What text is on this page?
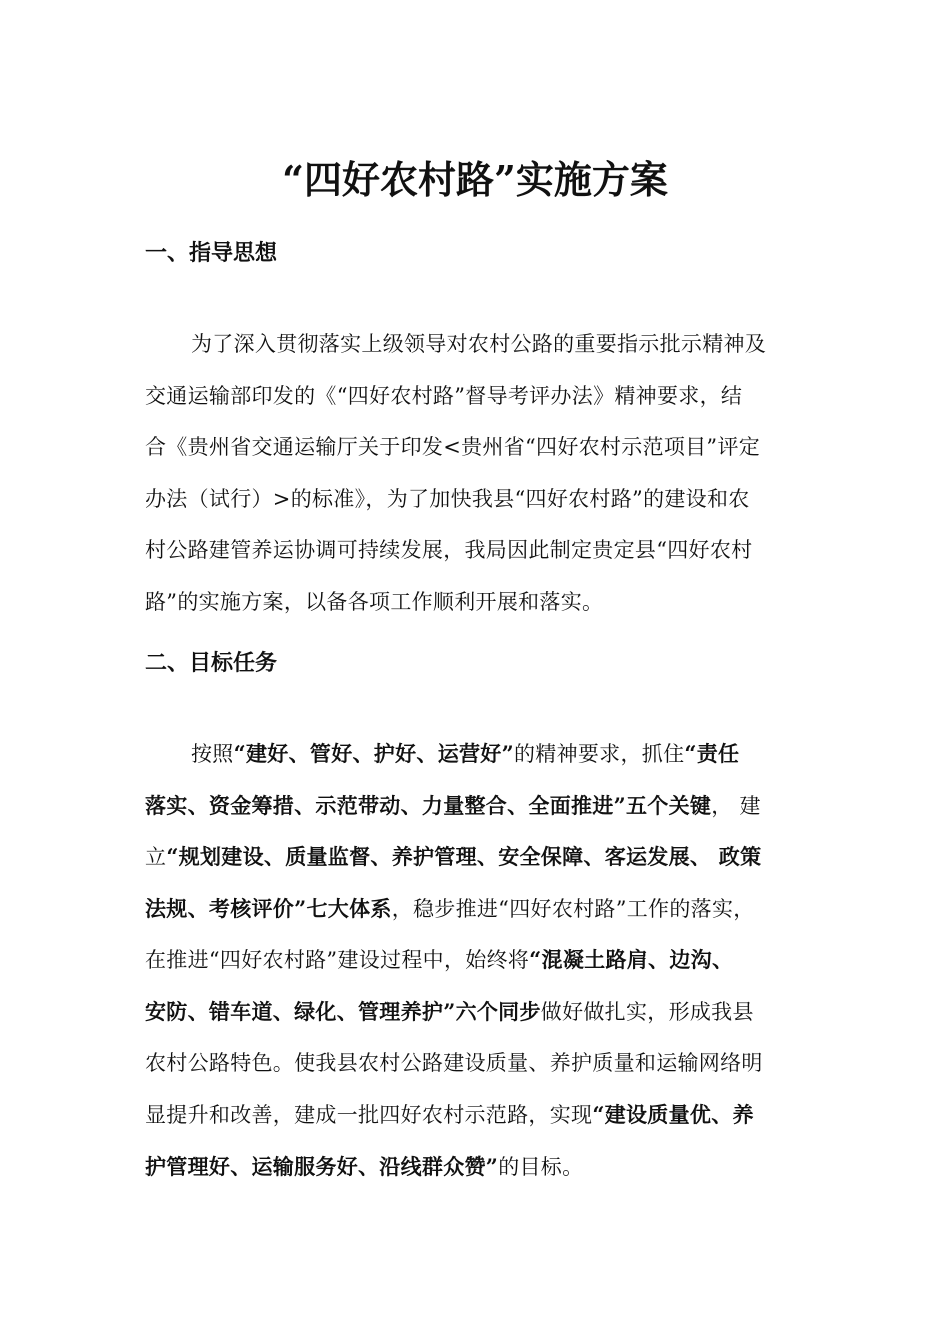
“四好农村路”实施方案
一、指导思想
为了深入贯彻落实上级领导对农村公路的重要指示批示精神及
交通运输部印发的《“四好农村路”督导考评办法》精神要求，结
合《贵州省交通运输厅关于印发<贵州省“四好农村示范项目”评定
办法（试行）>的标准》，为了加快我县“四好农村路”的建设和农
村公路建管养运协调可持续发展，我局因此制定贵定县“四好农村
路”的实施方案，以备各项工作顺利开展和落实。
二、目标任务
按照“建好、管好、护好、运营好”的精神要求，抓住“责任
落实、资金筹措、示范带动、力量整合、全面推进”五个关键， 建
立“规划建设、质量监督、养护管理、安全保障、客运发展、 政策
法规、考核评价”七大体系，稳步推进“四好农村路”工作的落实，
在推进“四好农村路”建设过程中，始终将“混凝土路肩、边沟、
安防、错车道、绿化、管理养护”六个同步做好做扎实，形成我县
农村公路特色。使我县农村公路建设质量、养护质量和运输网络明
显提升和改善，建成一批四好农村示范路，实现“建设质量优、养
护管理好、运输服务好、沿线群众赞”的目标。
